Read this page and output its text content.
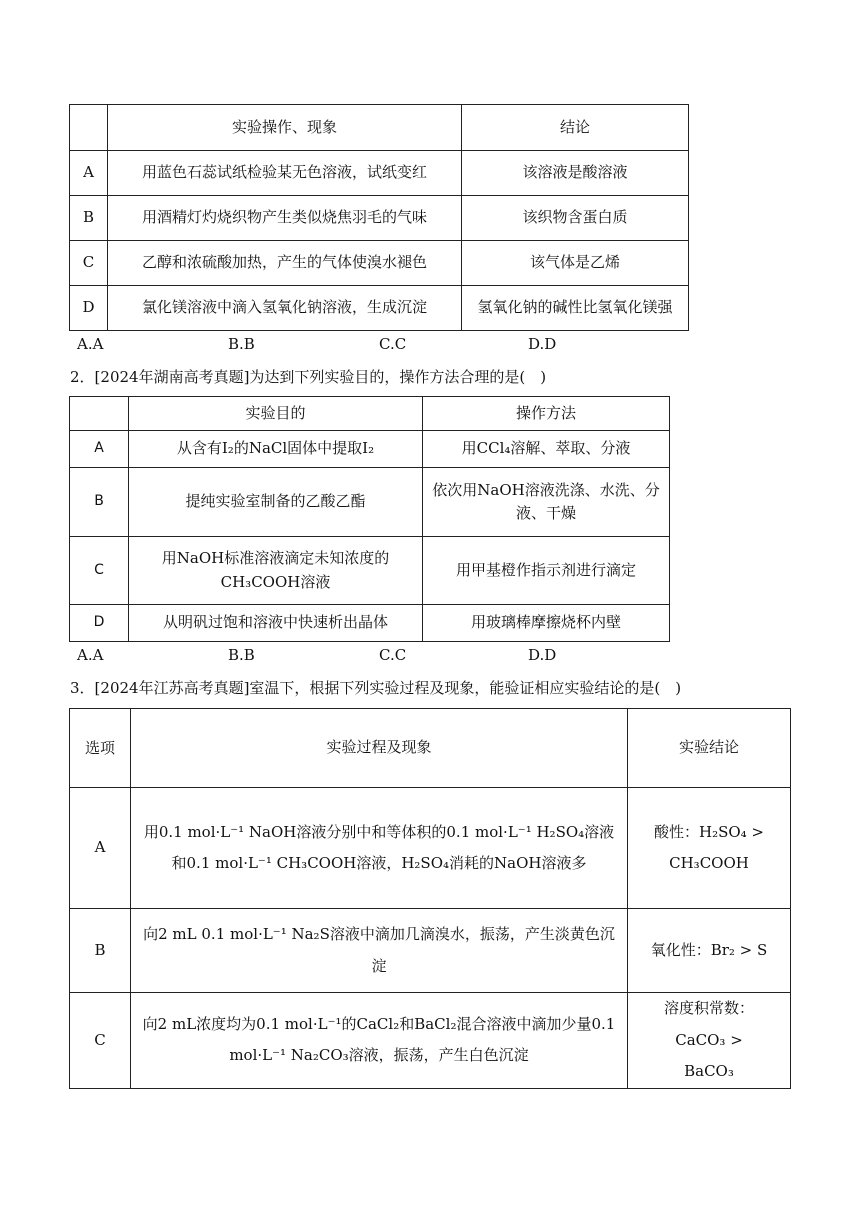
	实验操作、现象	结论
A	用蓝色石蕊试纸检验某无色溶液，试纸变红	该溶液是酸溶液
B	用酒精灯灼烧织物产生类似烧焦羽毛的气味	该织物含蛋白质
C	乙醇和浓硫酸加热，产生的气体使溴水褪色	该气体是乙烯
D	氯化镁溶液中滴入氢氧化钠溶液，生成沉淀	氢氧化钠的碱性比氢氧化镁强
A.A	B.B	C.C	D.D
2．[2024年湖南高考真题]为达到下列实验目的，操作方法合理的是(　)
	实验目的	操作方法
A	从含有I₂的NaCl固体中提取I₂	用CCl₄溶解、萃取、分液
B	提纯实验室制备的乙酸乙酯	依次用NaOH溶液洗涤、水洗、分液、干燥
C	用NaOH标准溶液滴定未知浓度的CH₃COOH溶液	用甲基橙作指示剂进行滴定
D	从明矾过饱和溶液中快速析出晶体	用玻璃棒摩擦烧杯内壁
A.A	B.B	C.C	D.D
3．[2024年江苏高考真题]室温下，根据下列实验过程及现象，能验证相应实验结论的是(　)
选项	实验过程及现象	实验结论
A	用0.1 mol·L⁻¹ NaOH溶液分别中和等体积的0.1 mol·L⁻¹ H₂SO₄溶液和0.1 mol·L⁻¹ CH₃COOH溶液，H₂SO₄消耗的NaOH溶液多	酸性：H₂SO₄ > CH₃COOH
B	向2 mL 0.1 mol·L⁻¹ Na₂S溶液中滴加几滴溴水，振荡，产生淡黄色沉淀	氧化性：Br₂ > S
C	向2 mL浓度均为0.1 mol·L⁻¹的CaCl₂和BaCl₂混合溶液中滴加少量0.1 mol·L⁻¹ Na₂CO₃溶液，振荡，产生白色沉淀	溶度积常数：CaCO₃ > BaCO₃
